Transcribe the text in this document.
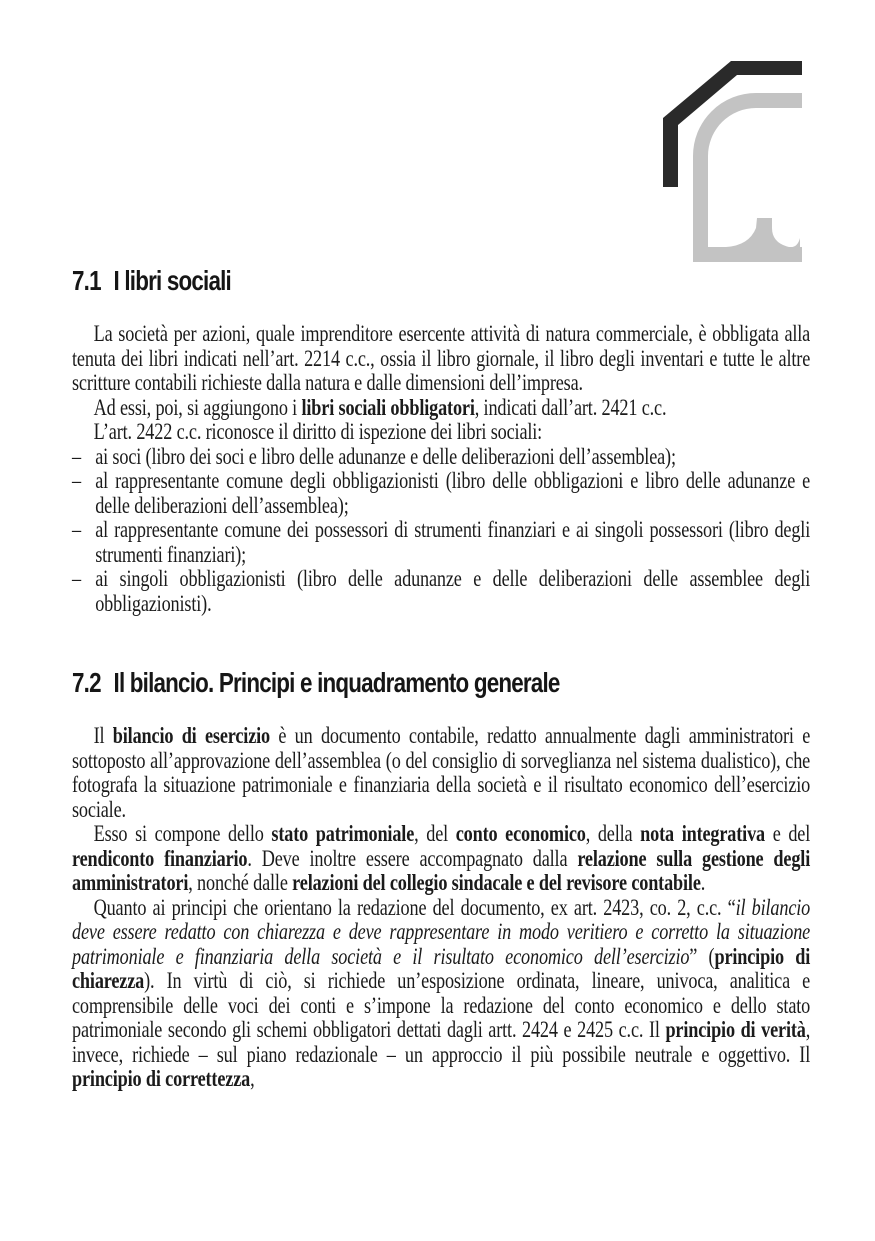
7.1 I libri sociali

La società per azioni, quale imprenditore esercente attività di natura commerciale, è obbligata alla tenuta dei libri indicati nell’art. 2214 c.c., ossia il libro giornale, il libro degli inventari e tutte le altre scritture contabili richieste dalla natura e dalle dimensioni dell’impresa.

Ad essi, poi, si aggiungono i libri sociali obbligatori, indicati dall’art. 2421 c.c.

L’art. 2422 c.c. riconosce il diritto di ispezione dei libri sociali:

– ai soci (libro dei soci e libro delle adunanze e delle deliberazioni dell’assemblea);
– al rappresentante comune degli obbligazionisti (libro delle obbligazioni e libro delle adunanze e delle deliberazioni dell’assemblea);
– al rappresentante comune dei possessori di strumenti finanziari e ai singoli possessori (libro degli strumenti finanziari);
– ai singoli obbligazionisti (libro delle adunanze e delle deliberazioni delle assemblee degli obbligazionisti).
7.2 Il bilancio. Principi e inquadramento generale

Il bilancio di esercizio è un documento contabile, redatto annualmente dagli amministratori e sottoposto all’approvazione dell’assemblea (o del consiglio di sorveglianza nel sistema dualistico), che fotografa la situazione patrimoniale e finanziaria della società e il risultato economico dell’esercizio sociale.

Esso si compone dello stato patrimoniale, del conto economico, della nota integrativa e del rendiconto finanziario. Deve inoltre essere accompagnato dalla relazione sulla gestione degli amministratori, nonché dalle relazioni del collegio sindacale e del revisore contabile.

Quanto ai principi che orientano la redazione del documento, ex art. 2423, co. 2, c.c. “il bilancio deve essere redatto con chiarezza e deve rappresentare in modo veritiero e corretto la situazione patrimoniale e finanziaria della società e il risultato economico dell’esercizio” (principio di chiarezza). In virtù di ciò, si richiede un’esposizione ordinata, lineare, univoca, analitica e comprensibile delle voci dei conti e s’impone la redazione del conto economico e dello stato patrimoniale secondo gli schemi obbligatori dettati dagli artt. 2424 e 2425 c.c. Il principio di verità, invece, richiede – sul piano redazionale – un approccio il più possibile neutrale e oggettivo. Il principio di correttezza,
